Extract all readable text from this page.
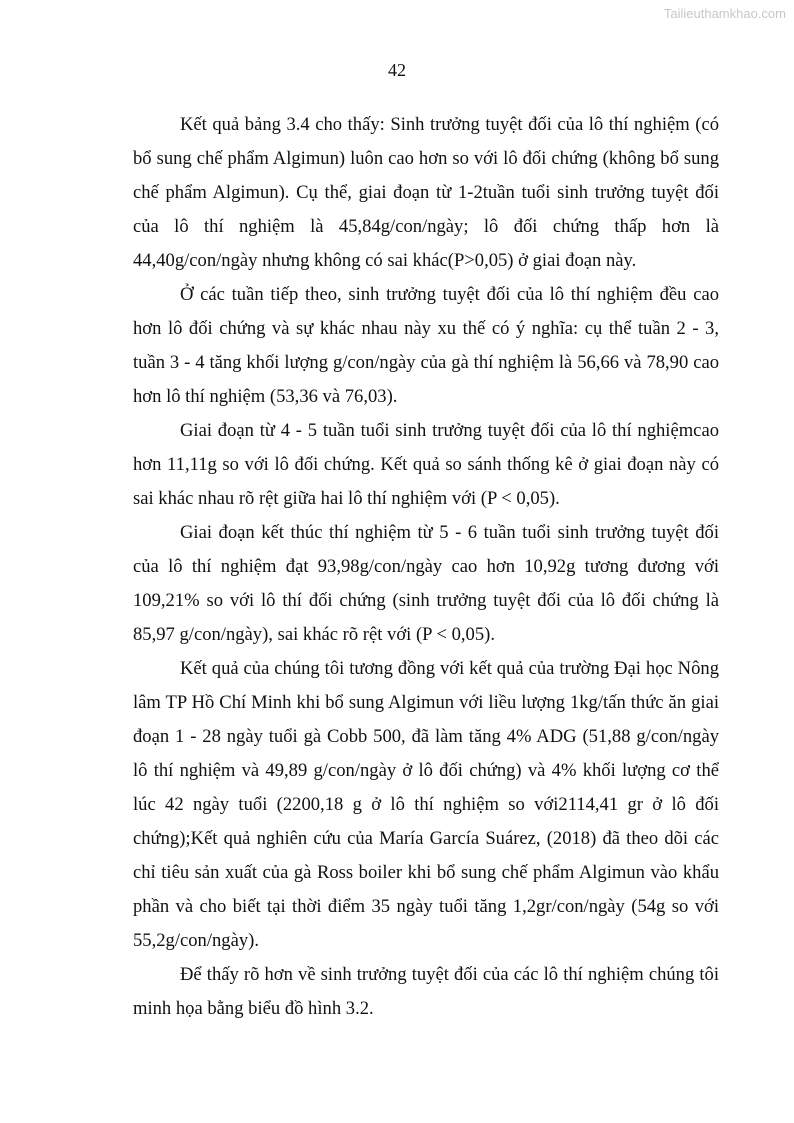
Tailieuthamkhao.com
42

Kết quả bảng 3.4 cho thấy: Sinh trưởng tuyệt đối của lô thí nghiệm (có bổ sung chế phẩm Algimun) luôn cao hơn so với lô đối chứng (không bổ sung chế phẩm Algimun). Cụ thể, giai đoạn từ 1-2tuần tuổi sinh trưởng tuyệt đối của lô thí nghiệm là 45,84g/con/ngày; lô đối chứng thấp hơn là 44,40g/con/ngày nhưng không có sai khác(P>0,05) ở giai đoạn này.

Ở các tuần tiếp theo, sinh trưởng tuyệt đối của lô thí nghiệm đều cao hơn lô đối chứng và sự khác nhau này xu thế có ý nghĩa: cụ thể tuần 2 - 3, tuần 3 - 4 tăng khối lượng g/con/ngày của gà thí nghiệm là 56,66 và 78,90 cao hơn lô thí nghiệm (53,36 và 76,03).

Giai đoạn từ 4 - 5 tuần tuổi sinh trưởng tuyệt đối của lô thí nghiệmcao hơn 11,11g so với lô đối chứng. Kết quả so sánh thống kê ở giai đoạn này có sai khác nhau rõ rệt giữa hai lô thí nghiệm với (P < 0,05).

Giai đoạn kết thúc thí nghiệm từ 5 - 6 tuần tuổi sinh trưởng tuyệt đối của lô thí nghiệm đạt 93,98g/con/ngày cao hơn 10,92g tương đương với 109,21% so với lô thí đối chứng (sinh trưởng tuyệt đối của lô đối chứng là 85,97 g/con/ngày), sai khác rõ rệt với (P < 0,05).

Kết quả của chúng tôi tương đồng với kết quả của trường Đại học Nông lâm TP Hồ Chí Minh khi bổ sung Algimun với liều lượng 1kg/tấn thức ăn giai đoạn 1 - 28 ngày tuổi gà Cobb 500, đã làm tăng 4% ADG (51,88 g/con/ngày lô thí nghiệm và 49,89 g/con/ngày ở lô đối chứng) và 4% khối lượng cơ thể lúc 42 ngày tuổi (2200,18 g ở lô thí nghiệm so với2114,41 gr ở lô đối chứng);Kết quả nghiên cứu của María García Suárez, (2018) đã theo dõi các chỉ tiêu sản xuất của gà Ross boiler khi bổ sung chế phẩm Algimun vào khẩu phần và cho biết tại thời điểm 35 ngày tuổi tăng 1,2gr/con/ngày (54g so với 55,2g/con/ngày).

Để thấy rõ hơn về sinh trưởng tuyệt đối của các lô thí nghiệm chúng tôi minh họa bằng biểu đồ hình 3.2.
